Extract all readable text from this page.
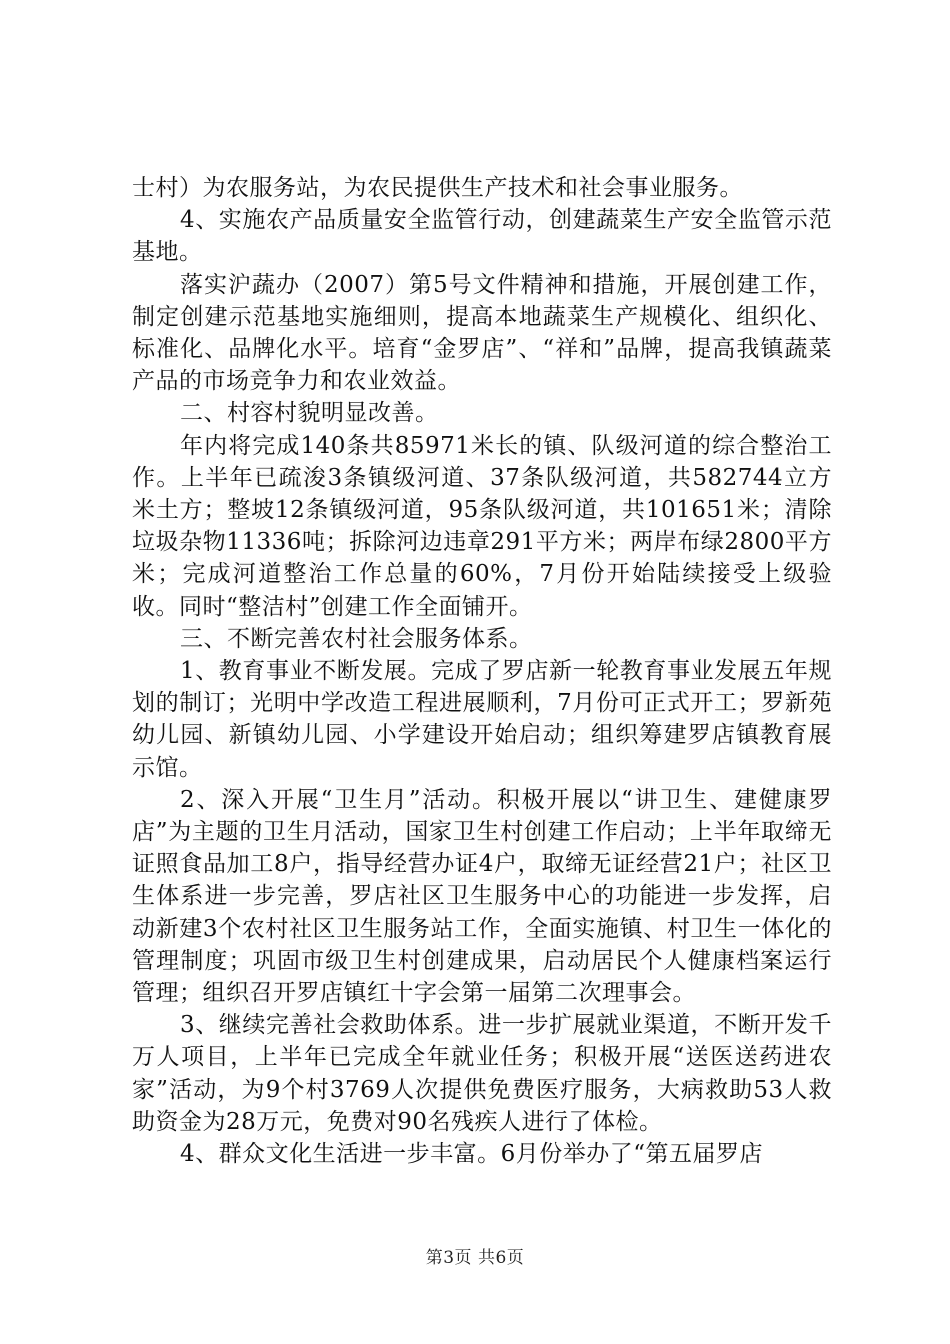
士村）为农服务站，为农民提供生产技术和社会事业服务。

4、实施农产品质量安全监管行动，创建蔬菜生产安全监管示范基地。

落实沪蔬办（2007）第5号文件精神和措施，开展创建工作，制定创建示范基地实施细则，提高本地蔬菜生产规模化、组织化、标准化、品牌化水平。培育“金罗店”、“祥和”品牌，提高我镇蔬菜产品的市场竞争力和农业效益。

二、村容村貌明显改善。

年内将完成140条共85971米长的镇、队级河道的综合整治工作。上半年已疏浚3条镇级河道、37条队级河道，共582744立方米土方；整坡12条镇级河道，95条队级河道，共101651米；清除垃圾杂物11336吨；拆除河边违章291平方米；两岸布绿2800平方米；完成河道整治工作总量的60%，7月份开始陆续接受上级验收。同时“整洁村”创建工作全面铺开。

三、不断完善农村社会服务体系。

1、教育事业不断发展。完成了罗店新一轮教育事业发展五年规划的制订；光明中学改造工程进展顺利，7月份可正式开工；罗新苑幼儿园、新镇幼儿园、小学建设开始启动；组织筹建罗店镇教育展示馆。

2、深入开展“卫生月”活动。积极开展以“讲卫生、建健康罗店”为主题的卫生月活动，国家卫生村创建工作启动；上半年取缔无证照食品加工8户，指导经营办证4户，取缔无证经营21户；社区卫生体系进一步完善，罗店社区卫生服务中心的功能进一步发挥，启动新建3个农村社区卫生服务站工作，全面实施镇、村卫生一体化的管理制度；巩固市级卫生村创建成果，启动居民个人健康档案运行管理；组织召开罗店镇红十字会第一届第二次理事会。

3、继续完善社会救助体系。进一步扩展就业渠道，不断开发千万人项目，上半年已完成全年就业任务；积极开展“送医送药进农家”活动，为9个村3769人次提供免费医疗服务，大病救助53人救助资金为28万元，免费对90名残疾人进行了体检。

4、群众文化生活进一步丰富。6月份举办了“第五届罗店

第3页 共6页
